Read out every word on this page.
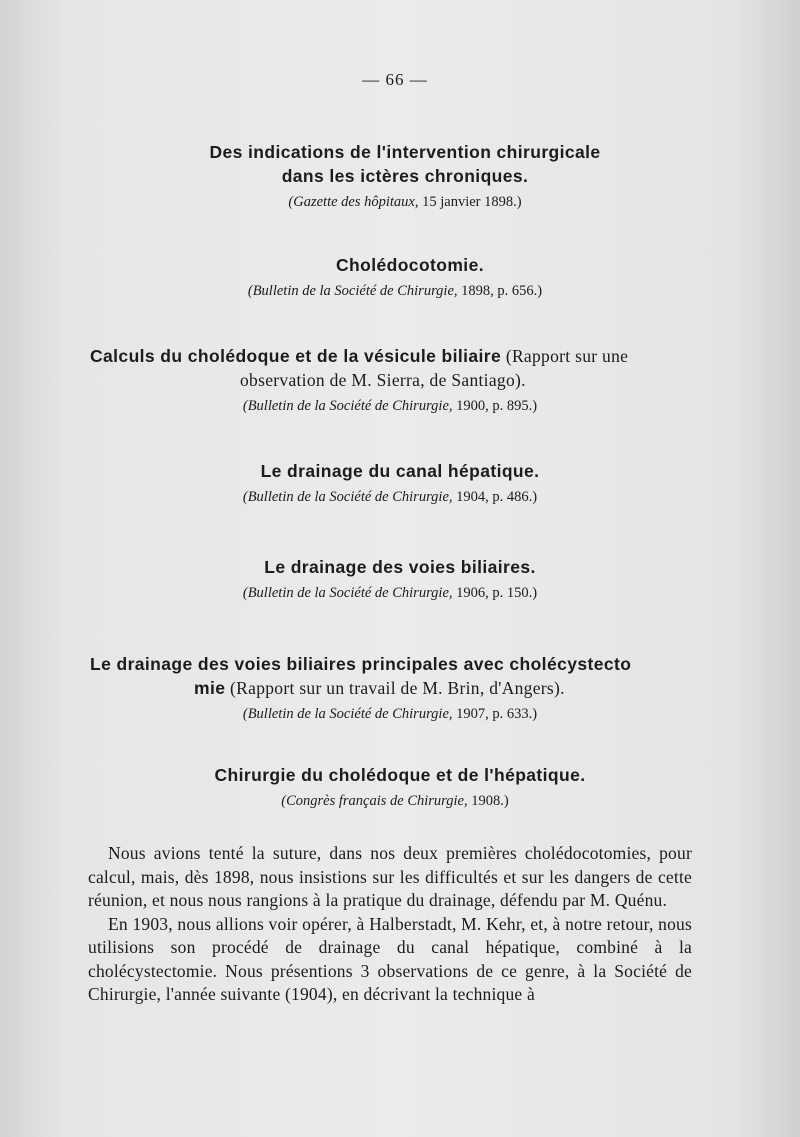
— 66 —
Des indications de l'intervention chirurgicale
dans les ictères chroniques.
(Gazette des hôpitaux, 15 janvier 1898.)
Cholédocotomie.
(Bulletin de la Société de Chirurgie, 1898, p. 656.)
Calculs du cholédoque et de la vésicule biliaire (Rapport sur une
observation de M. Sierra, de Santiago).
(Bulletin de la Société de Chirurgie, 1900, p. 895.)
Le drainage du canal hépatique.
(Bulletin de la Société de Chirurgie, 1904, p. 486.)
Le drainage des voies biliaires.
(Bulletin de la Société de Chirurgie, 1906, p. 150.)
Le drainage des voies biliaires principales avec cholécystecto
mie (Rapport sur un travail de M. Brin, d'Angers).
(Bulletin de la Société de Chirurgie, 1907, p. 633.)
Chirurgie du cholédoque et de l'hépatique.
(Congrès français de Chirurgie, 1908.)

Nous avions tenté la suture, dans nos deux premières cholédocotomies, pour calcul, mais, dès 1898, nous insistions sur les difficultés et sur les dangers de cette réunion, et nous nous rangions à la pratique du drainage, défendu par M. Quénu.

En 1903, nous allions voir opérer, à Halberstadt, M. Kehr, et, à notre retour, nous utilisions son procédé de drainage du canal hépatique, combiné à la cholécystectomie. Nous présentions 3 observations de ce genre, à la Société de Chirurgie, l'année suivante (1904), en décrivant la technique à
